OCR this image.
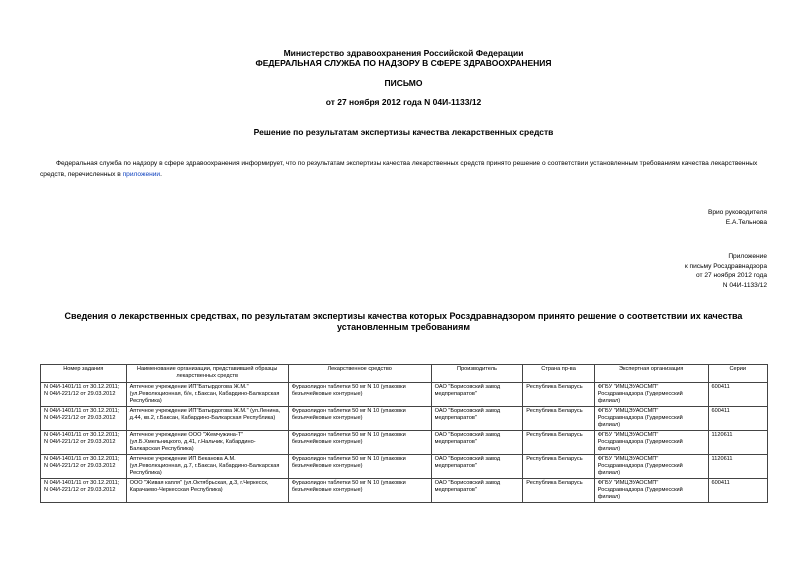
Министерство здравоохранения Российской Федерации
ФЕДЕРАЛЬНАЯ СЛУЖБА ПО НАДЗОРУ В СФЕРЕ ЗДРАВООХРАНЕНИЯ
ПИСЬМО
от 27 ноября 2012 года N 04И-1133/12
Решение по результатам экспертизы качества лекарственных средств
Федеральная служба по надзору в сфере здравоохранения информирует, что по результатам экспертизы качества лекарственных средств принято решение о соответствии установленным требованиям качества лекарственных средств, перечисленных в приложении.
Врио руководителя
Е.А.Тельнова
Приложение
к письму Росздравнадзора
от 27 ноября 2012 года
N 04И-1133/12
Сведения о лекарственных средствах, по результатам экспертизы качества которых Росздравнадзором принято решение о соответствии их качества установленным требованиям
Номер задания	Наименование организации, представившей образцы лекарственных средств	Лекарственное средство	Производитель	Страна пр-ва	Экспертная организация	Серии
N 04И-1401/11 от 30.12.2011; N 04И-221/12 от 29.03.2012	Аптечное учреждение ИП"Батырдогова Ж.М." (ул.Революционная, б/н, г.Баксан, Кабардино-Балкарская Республика)	Фуразолидон таблетки 50 мг N 10 (упаковки безъячейковые контурные)	ОАО "Борисовский завод медпрепаратов"	Республика Беларусь	ФГБУ "ИМЦЭУАОСМП" Росздравнадзора (Гудермесский филиал)	600411
N 04И-1401/11 от 30.12.2011; N 04И-221/12 от 29.03.2012	Аптечное учреждение ИП"Батырдогова Ж.М." (ул.Ленина, д.44, кв.2, г.Баксан, Кабардино-Балкарская Республика)	Фуразолидон таблетки 50 мг N 10 (упаковки безъячейковые контурные)	ОАО "Борисовский завод медпрепаратов"	Республика Беларусь	ФГБУ "ИМЦЭУАОСМП" Росздравнадзора (Гудермесский филиал)	600411
N 04И-1401/11 от 30.12.2011; N 04И-221/12 от 29.03.2012	Аптечное учреждение ООО "Жемчужина-Т" (ул.Б.Хмельницкого, д.41, г.Нальчик, Кабардино-Балкарская Республика)	Фуразолидон таблетки 50 мг N 10 (упаковки безъячейковые контурные)	ОАО "Борисовский завод медпрепаратов"	Республика Беларусь	ФГБУ "ИМЦЭУАОСМП" Росздравнадзора (Гудермесский филиал)	1120611
N 04И-1401/11 от 30.12.2011; N 04И-221/12 от 29.03.2012	Аптечное учреждение ИП Беканова А.М. (ул.Революционная, д.7, г.Баксан, Кабардино-Балкарская Республика)	Фуразолидон таблетки 50 мг N 10 (упаковки безъячейковые контурные)	ОАО "Борисовский завод медпрепаратов"	Республика Беларусь	ФГБУ "ИМЦЭУАОСМП" Росздравнадзора (Гудермесский филиал)	1120611
N 04И-1401/11 от 30.12.2011; N 04И-221/12 от 29.03.2012	ООО "Живая капля" (ул.Октябрьская, д.3, г.Черкесск, Карачаево-Черкесская Республика)	Фуразолидон таблетки 50 мг N 10 (упаковки безъячейковые контурные)	ОАО "Борисовский завод медпрепаратов"	Республика Беларусь	ФГБУ "ИМЦЭУАОСМП" Росздравнадзора (Гудермесский филиал)	600411
